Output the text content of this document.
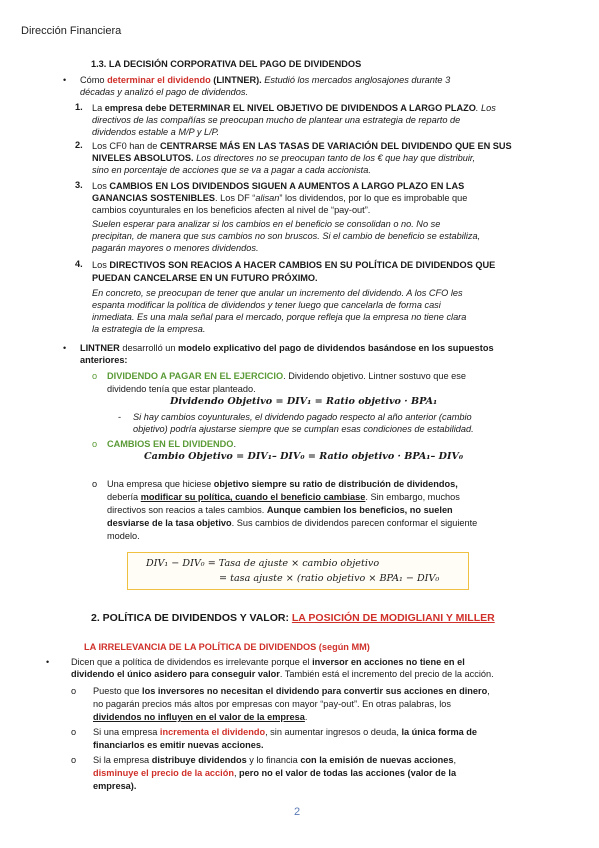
Dirección Financiera
1.3. LA DECISIÓN CORPORATIVA DEL PAGO DE DIVIDENDOS
• Cómo determinar el dividendo (LINTNER). Estudió los mercados anglosajones durante 3
décadas y analizó el pago de dividendos.
1. La empresa debe DETERMINAR EL NIVEL OBJETIVO DE DIVIDENDOS A LARGO PLAZO. Los
directivos de las compañías se preocupan mucho de plantear una estrategia de reparto de
dividendos estable a M/P y L/P.
2. Los CF0 han de CENTRARSE MÁS EN LAS TASAS DE VARIACIÓN DEL DIVIDENDO QUE EN SUS
NIVELES ABSOLUTOS. Los directores no se preocupan tanto de los € que hay que distribuir,
sino en porcentaje de acciones que se va a pagar a cada accionista.
3. Los CAMBIOS EN LOS DIVIDENDOS SIGUEN A AUMENTOS A LARGO PLAZO EN LAS
GANANCIAS SOSTENIBLES. Los DF “alisan” los dividendos, por lo que es improbable que
cambios coyunturales en los beneficios afecten al nivel de “pay-out”.
Suelen esperar para analizar si los cambios en el beneficio se consolidan o no. No se
precipitan, de manera que sus cambios no son bruscos. Si el cambio de beneficio se estabiliza,
pagarán mayores o menores dividendos.
4. Los DIRECTIVOS SON REACIOS A HACER CAMBIOS EN SU POLÍTICA DE DIVIDENDOS QUE
PUEDAN CANCELARSE EN UN FUTURO PRÓXIMO.
En concreto, se preocupan de tener que anular un incremento del dividendo. A los CFO les
espanta modificar la política de dividendos y tener luego que cancelarla de forma casi
inmediata. Es una mala señal para el mercado, porque refleja que la empresa no tiene clara
la estrategia de la empresa.
• LINTNER desarrolló un modelo explicativo del pago de dividendos basándose en los supuestos
anteriores:
o DIVIDENDO A PAGAR EN EL EJERCICIO. Dividendo objetivo. Lintner sostuvo que ese
dividendo tenía que estar planteado.
Dividendo Objetivo = DIV₁ = Ratio objetivo · BPA₁
- Si hay cambios coyunturales, el dividendo pagado respecto al año anterior (cambio
objetivo) podría ajustarse siempre que se cumplan esas condiciones de estabilidad.
o CAMBIOS EN EL DIVIDENDO.
Cambio Objetivo = DIV₁– DIV₀ = Ratio objetivo · BPA₁– DIV₀
o Una empresa que hiciese objetivo siempre su ratio de distribución de dividendos,
debería modificar su política, cuando el beneficio cambiase. Sin embargo, muchos
directivos son reacios a tales cambios. Aunque cambien los beneficios, no suelen
desviarse de la tasa objetivo. Sus cambios de dividendos parecen conformar el siguiente
modelo.
DIV₁ − DIV₀ = Tasa de ajuste × cambio objetivo
= tasa ajuste × (ratio objetivo × BPA₁ − DIV₀
2. POLÍTICA DE DIVIDENDOS Y VALOR: LA POSICIÓN DE MODIGLIANI Y MILLER
LA IRRELEVANCIA DE LA POLÍTICA DE DIVIDENDOS (según MM)
• Dicen que a política de dividendos es irrelevante porque el inversor en acciones no tiene en el
dividendo el único asidero para conseguir valor. También está el incremento del precio de la acción.
o Puesto que los inversores no necesitan el dividendo para convertir sus acciones en dinero,
no pagarán precios más altos por empresas con mayor “pay-out”. En otras palabras, los
dividendos no influyen en el valor de la empresa.
o Si una empresa incrementa el dividendo, sin aumentar ingresos o deuda, la única forma de
financiarlos es emitir nuevas acciones.
o Si la empresa distribuye dividendos y lo financia con la emisión de nuevas acciones,
disminuye el precio de la acción, pero no el valor de todas las acciones (valor de la
empresa).
2
